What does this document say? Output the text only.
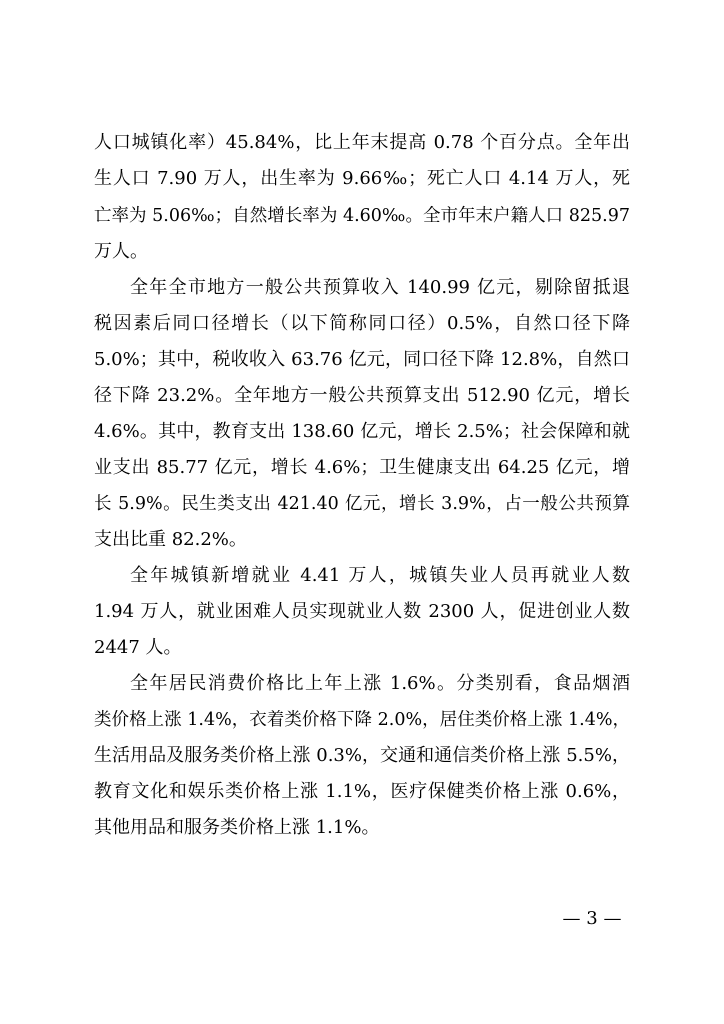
人口城镇化率）45.84%，比上年末提高 0.78 个百分点。全年出
生人口 7.90 万人，出生率为 9.66‰；死亡人口 4.14 万人，死
亡率为 5.06‰；自然增长率为 4.60‰。全市年末户籍人口 825.97
万人。
全年全市地方一般公共预算收入 140.99 亿元，剔除留抵退
税因素后同口径增长（以下简称同口径）0.5%，自然口径下降
5.0%；其中，税收收入 63.76 亿元，同口径下降 12.8%，自然口
径下降 23.2%。全年地方一般公共预算支出 512.90 亿元，增长
4.6%。其中，教育支出 138.60 亿元，增长 2.5%；社会保障和就
业支出 85.77 亿元，增长 4.6%；卫生健康支出 64.25 亿元，增
长 5.9%。民生类支出 421.40 亿元，增长 3.9%，占一般公共预算
支出比重 82.2%。
全年城镇新增就业 4.41 万人，城镇失业人员再就业人数
1.94 万人，就业困难人员实现就业人数 2300 人，促进创业人数
2447 人。
全年居民消费价格比上年上涨 1.6%。分类别看，食品烟酒
类价格上涨 1.4%，衣着类价格下降 2.0%，居住类价格上涨 1.4%，
生活用品及服务类价格上涨 0.3%，交通和通信类价格上涨 5.5%，
教育文化和娱乐类价格上涨 1.1%，医疗保健类价格上涨 0.6%，
其他用品和服务类价格上涨 1.1%。
— 3 —
